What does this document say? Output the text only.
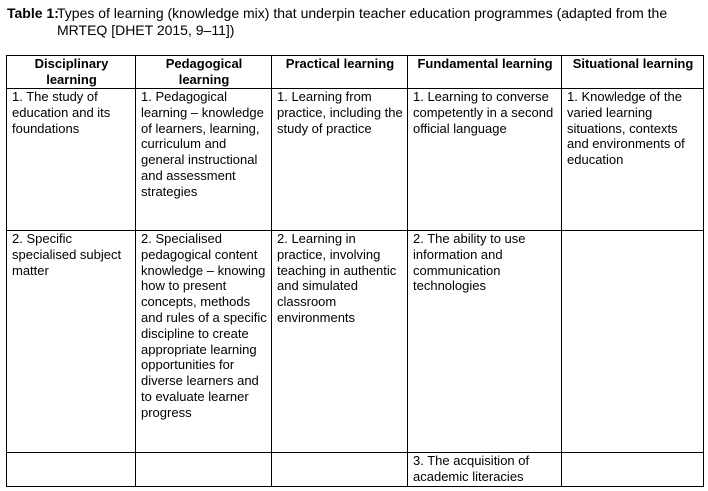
Table 1:
Types of learning (knowledge mix) that underpin teacher education programmes (adapted from the MRTEQ [DHET 2015, 9–11])
Disciplinary learning	Pedagogical learning	Practical learning	Fundamental learning	Situational learning
1. The study of education and its foundations	1. Pedagogical learning – knowledge of learners, learning, curriculum and general instructional and assessment strategies	1. Learning from practice, including the study of practice	1. Learning to converse competently in a second official language	1. Knowledge of the varied learning situations, contexts and environments of education
2. Specific specialised subject matter	2. Specialised pedagogical content knowledge – knowing how to present concepts, methods and rules of a specific discipline to create appropriate learning opportunities for diverse learners and to evaluate learner progress	2. Learning in practice, involving teaching in authentic and simulated classroom environments	2. The ability to use information and communication technologies	
			3. The acquisition of academic literacies	
